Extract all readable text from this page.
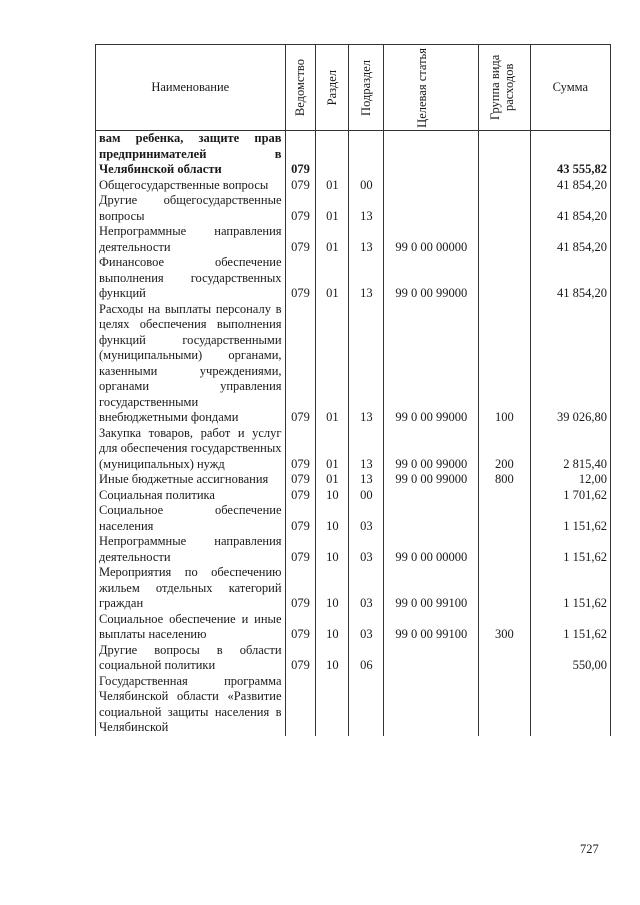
Наименование	Ведомство	Раздел	Подраздел	Целевая статья	Группа вида расходов	Сумма
вам ребенка, защите прав предпринимателей в Челябинской области	079					43 555,82
Общегосударственные вопросы	079	01	00			41 854,20
Другие общегосударственные вопросы	079	01	13			41 854,20
Непрограммные направления деятельности	079	01	13	99 0 00 00000		41 854,20
Финансовое обеспечение выполнения государственных функций	079	01	13	99 0 00 99000		41 854,20
Расходы на выплаты персоналу в целях обеспечения выполнения функций государственными (муниципальными) органами, казенными учреждениями, органами управления государственными внебюджетными фондами	079	01	13	99 0 00 99000	100	39 026,80
Закупка товаров, работ и услуг для обеспечения государственных (муниципальных) нужд	079	01	13	99 0 00 99000	200	2 815,40
Иные бюджетные ассигнования	079	01	13	99 0 00 99000	800	12,00
Социальная политика	079	10	00			1 701,62
Социальное обеспечение населения	079	10	03			1 151,62
Непрограммные направления деятельности	079	10	03	99 0 00 00000		1 151,62
Мероприятия по обеспечению жильем отдельных категорий граждан	079	10	03	99 0 00 99100		1 151,62
Социальное обеспечение и иные выплаты населению	079	10	03	99 0 00 99100	300	1 151,62
Другие вопросы в области социальной политики	079	10	06			550,00
Государственная программа Челябинской области «Развитие социальной защиты населения в Челябинской						
727
